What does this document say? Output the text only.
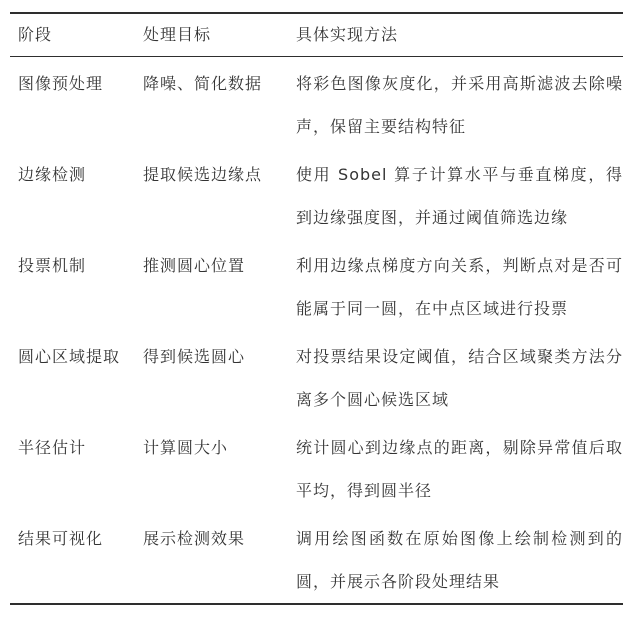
阶段	处理目标	具体实现方法
图像预处理	降噪、简化数据	将彩色图像灰度化，并采用高斯滤波去除噪声，保留主要结构特征
边缘检测	提取候选边缘点	使用 Sobel 算子计算水平与垂直梯度，得到边缘强度图，并通过阈值筛选边缘
投票机制	推测圆心位置	利用边缘点梯度方向关系，判断点对是否可能属于同一圆，在中点区域进行投票
圆心区域提取	得到候选圆心	对投票结果设定阈值，结合区域聚类方法分离多个圆心候选区域
半径估计	计算圆大小	统计圆心到边缘点的距离，剔除异常值后取平均，得到圆半径
结果可视化	展示检测效果	调用绘图函数在原始图像上绘制检测到的圆，并展示各阶段处理结果
